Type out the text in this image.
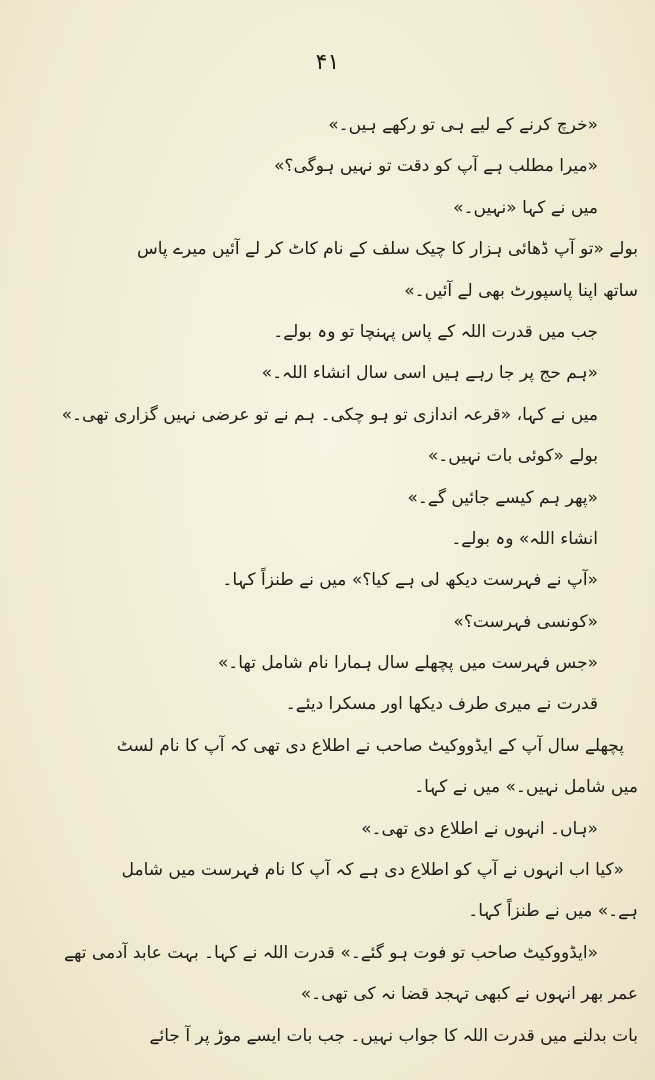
۴۱
«خرچ کرنے کے لیے ہی تو رکھے ہیں۔»
«میرا مطلب ہے آپ کو دقت تو نہیں ہوگی؟»
میں نے کہا «نہیں۔»
بولے «تو آپ ڈھائی ہزار کا چیک سلف کے نام کاٹ کر لے آئیں میرے پاس
ساتھ اپنا پاسپورٹ بھی لے آئیں۔»
جب میں قدرت اللہ کے پاس پہنچا تو وہ بولے۔
«ہم حج پر جا رہے ہیں اسی سال انشاء اللہ۔»
میں نے کہا، «قرعہ اندازی تو ہو چکی۔ ہم نے تو عرضی نہیں گزاری تھی۔»
بولے «کوئی بات نہیں۔»
«پھر ہم کیسے جائیں گے۔»
انشاء اللہ» وہ بولے۔
«آپ نے فہرست دیکھ لی ہے کیا؟» میں نے طنزاً کہا۔
«کونسی فہرست؟»
«جس فہرست میں پچھلے سال ہمارا نام شامل تھا۔»
قدرت نے میری طرف دیکھا اور مسکرا دیئے۔
پچھلے سال آپ کے ایڈووکیٹ صاحب نے اطلاع دی تھی کہ آپ کا نام لسٹ
میں شامل نہیں۔» میں نے کہا۔
«ہاں۔ انہوں نے اطلاع دی تھی۔»
«کیا اب انہوں نے آپ کو اطلاع دی ہے کہ آپ کا نام فہرست میں شامل
ہے۔» میں نے طنزاً کہا۔
«ایڈووکیٹ صاحب تو فوت ہو گئے۔» قدرت اللہ نے کہا۔ بہت عابد آدمی تھے
عمر بھر انہوں نے کبھی تہجد قضا نہ کی تھی۔»
بات بدلنے میں قدرت اللہ کا جواب نہیں۔ جب بات ایسے موڑ پر آ جائے
